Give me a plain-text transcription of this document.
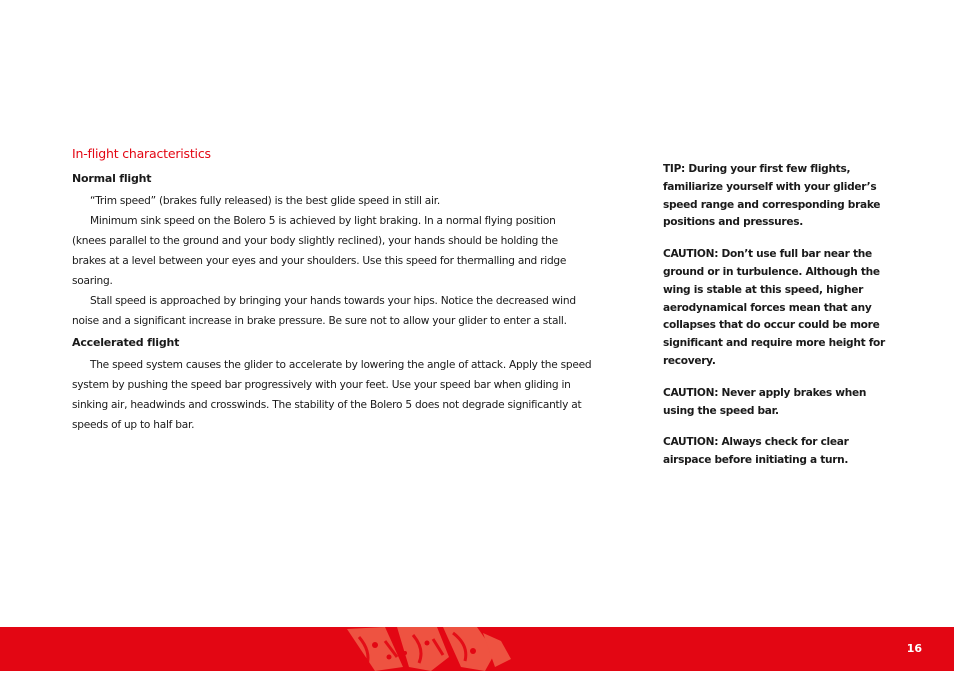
In-flight characteristics
Normal flight

“Trim speed” (brakes fully released) is the best glide speed in still air.

Minimum sink speed on the Bolero 5 is achieved by light braking. In a normal flying position (knees parallel to the ground and your body slightly reclined), your hands should be holding the brakes at a level between your eyes and your shoulders. Use this speed for thermalling and ridge soaring.

Stall speed is approached by bringing your hands towards your hips. Notice the decreased wind noise and a significant increase in brake pressure. Be sure not to allow your glider to enter a stall.

Accelerated flight

The speed system causes the glider to accelerate by lowering the angle of attack. Apply the speed system by pushing the speed bar progressively with your feet. Use your speed bar when gliding in sinking air, headwinds and crosswinds. The stability of the Bolero 5 does not degrade significantly at speeds of up to half bar.

TIP: During your first few flights, familiarize yourself with your glider’s speed range and corresponding brake positions and pressures.

CAUTION: Don’t use full bar near the ground or in turbulence. Although the wing is stable at this speed, higher aerodynamical forces mean that any collapses that do occur could be more significant and require more height for recovery.

CAUTION: Never apply brakes when using the speed bar.

CAUTION: Always check for clear airspace before initiating a turn.

16
